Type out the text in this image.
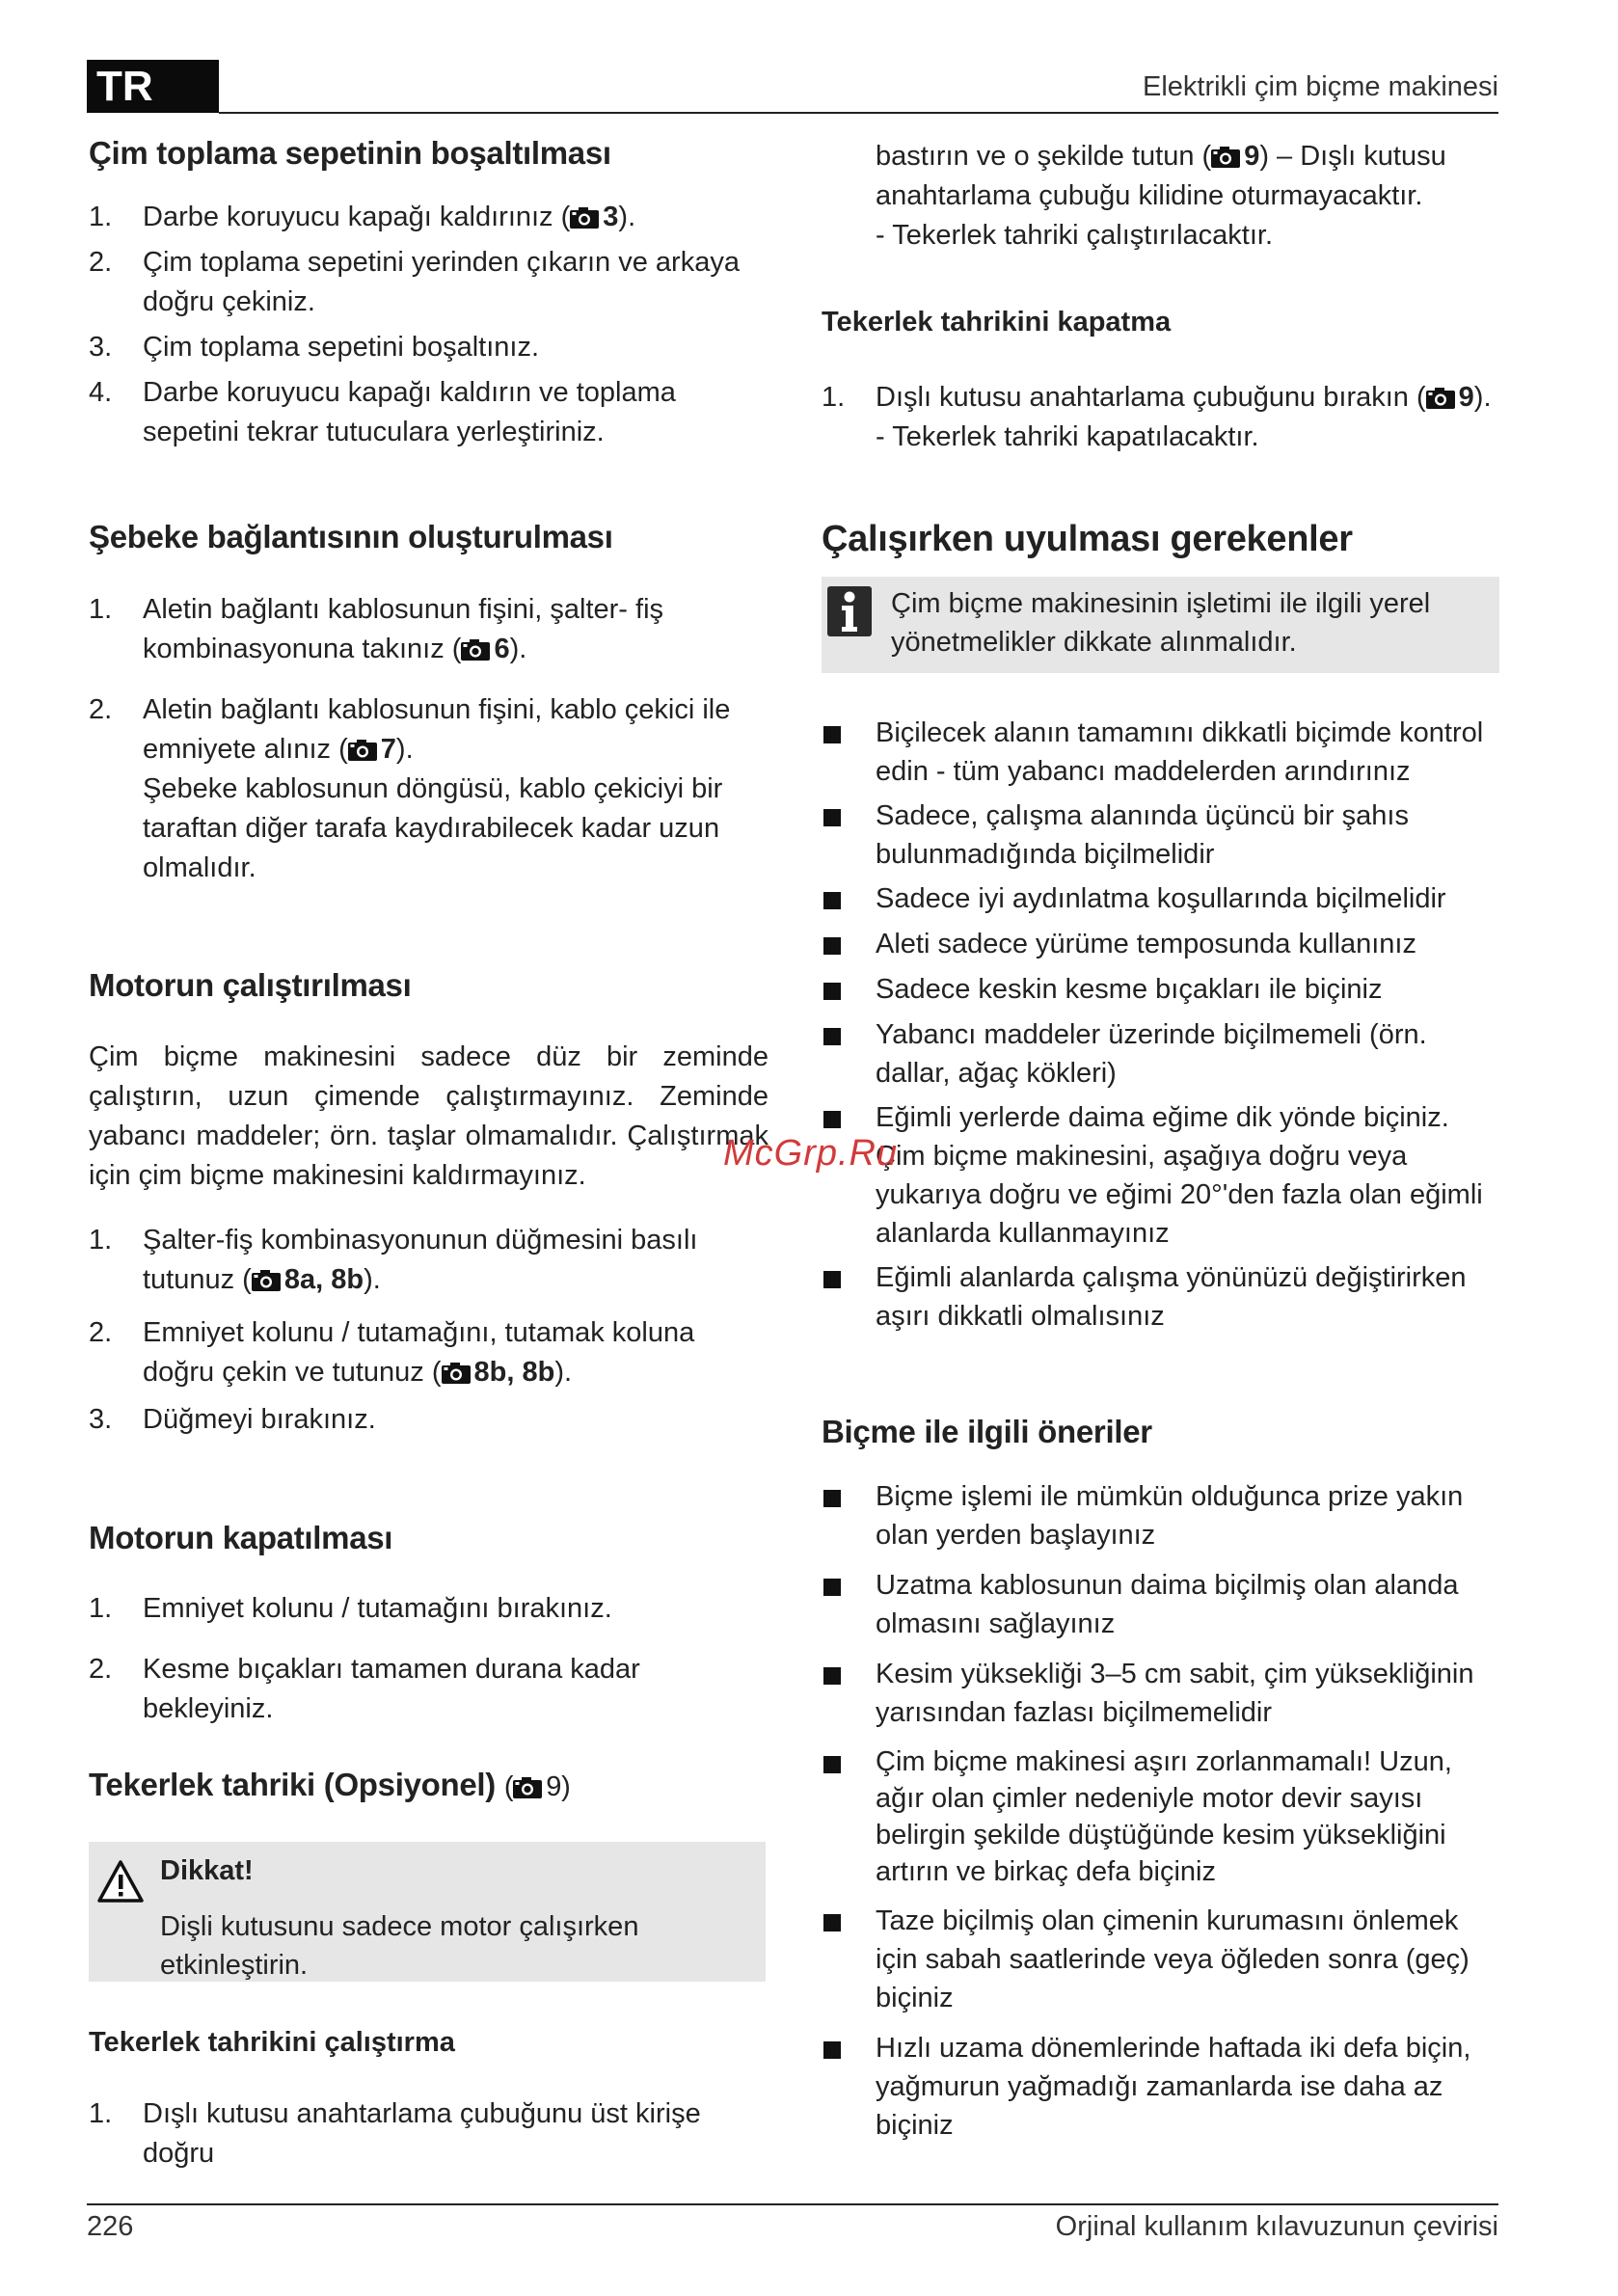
TR	Elektrikli çim biçme makinesi
Çim toplama sepetinin boşaltılması
1. Darbe koruyucu kapağı kaldırınız ( 3).
2. Çim toplama sepetini yerinden çıkarın ve arkaya doğru çekiniz.
3. Çim toplama sepetini boşaltınız.
4. Darbe koruyucu kapağı kaldırın ve toplama sepetini tekrar tutuculara yerleştiriniz.
Şebeke bağlantısının oluşturulması
1. Aletin bağlantı kablosunun fişini, şalter- fiş kombinasyonuna takınız ( 6).
2. Aletin bağlantı kablosunun fişini, kablo çekici ile emniyete alınız ( 7).
Şebeke kablosunun döngüsü, kablo çekiciyi bir taraftan diğer tarafa kaydırabilecek kadar uzun olmalıdır.
Motorun çalıştırılması
Çim biçme makinesini sadece düz bir zeminde çalıştırın, uzun çimende çalıştırmayınız. Zeminde yabancı maddeler; örn. taşlar olmamalıdır. Çalıştırmak için çim biçme makinesini kaldırmayınız.
1. Şalter-fiş kombinasyonunun düğmesini basılı tutunuz ( 8a, 8b).
2. Emniyet kolunu / tutamağını, tutamak koluna doğru çekin ve tutunuz ( 8b, 8b).
3. Düğmeyi bırakınız.
Motorun kapatılması
1. Emniyet kolunu / tutamağını bırakınız.
2. Kesme bıçakları tamamen durana kadar bekleyiniz.
Tekerlek tahriki (Opsiyonel) ( 9)
Dikkat!
Dişli kutusunu sadece motor çalışırken etkinleştirin.
Tekerlek tahrikini çalıştırma
1. Dışlı kutusu anahtarlama çubuğunu üst kirişe doğru
bastırın ve o şekilde tutun ( 9) – Dışlı kutusu anahtarlama çubuğu kilidine oturmayacaktır.
- Tekerlek tahriki çalıştırılacaktır.
Tekerlek tahrikini kapatma
1. Dışlı kutusu anahtarlama çubuğunu bırakın ( 9).
- Tekerlek tahriki kapatılacaktır.
Çalışırken uyulması gerekenler
Çim biçme makinesinin işletimi ile ilgili yerel yönetmelikler dikkate alınmalıdır.
Biçilecek alanın tamamını dikkatli biçimde kontrol edin - tüm yabancı maddelerden arındırınız
Sadece, çalışma alanında üçüncü bir şahıs bulunmadığında biçilmelidir
Sadece iyi aydınlatma koşullarında biçilmelidir
Aleti sadece yürüme temposunda kullanınız
Sadece keskin kesme bıçakları ile biçiniz
Yabancı maddeler üzerinde biçilmemeli (örn. dallar, ağaç kökleri)
Eğimli yerlerde daima eğime dik yönde biçiniz. Çim biçme makinesini, aşağıya doğru veya yukarıya doğru ve eğimi 20°'den fazla olan eğimli alanlarda kullanmayınız
Eğimli alanlarda çalışma yönünüzü değiştirirken aşırı dikkatli olmalısınız
Biçme ile ilgili öneriler
Biçme işlemi ile mümkün olduğunca prize yakın olan yerden başlayınız
Uzatma kablosunun daima biçilmiş olan alanda olmasını sağlayınız
Kesim yüksekliği 3–5 cm sabit, çim yüksekliğinin yarısından fazlası biçilmemelidir
Çim biçme makinesi aşırı zorlanmamalı! Uzun, ağır olan çimler nedeniyle motor devir sayısı belirgin şekilde düştüğünde kesim yüksekliğini artırın ve birkaç defa biçiniz
Taze biçilmiş olan çimenin kurumasını önlemek için sabah saatlerinde veya öğleden sonra (geç) biçiniz
Hızlı uzama dönemlerinde haftada iki defa biçin, yağmurun yağmadığı zamanlarda ise daha az biçiniz
McGrp.Ru
226	Orjinal kullanım kılavuzunun çevirisi
